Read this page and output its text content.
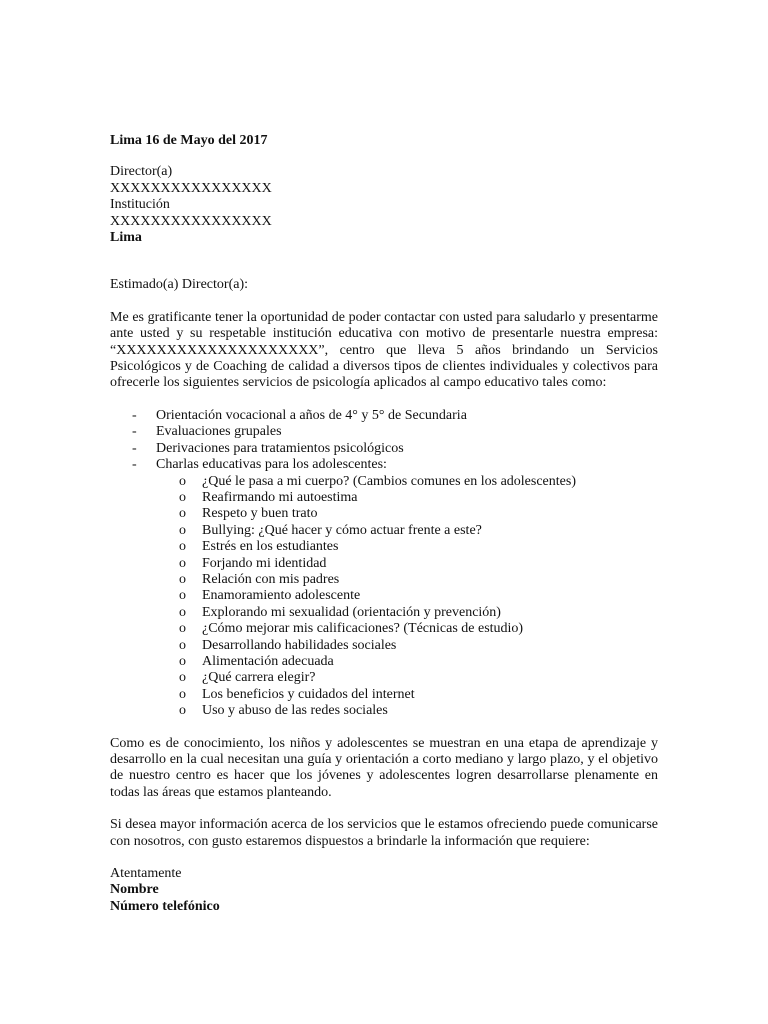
Lima 16 de Mayo del 2017
Director(a)
XXXXXXXXXXXXXXXX
Institución
XXXXXXXXXXXXXXXX
Lima
Estimado(a) Director(a):

Me es gratificante tener la oportunidad de poder contactar con usted para saludarlo y presentarme ante usted y su respetable institución educativa con motivo de presentarle nuestra empresa: “XXXXXXXXXXXXXXXXXXXX”, centro que lleva 5 años brindando un Servicios Psicológicos y de Coaching de calidad a diversos tipos de clientes individuales y colectivos para ofrecerle los siguientes servicios de psicología aplicados al campo educativo tales como:

- Orientación vocacional a años de 4° y 5° de Secundaria
- Evaluaciones grupales
- Derivaciones para tratamientos psicológicos
- Charlas educativas para los adolescentes:
o ¿Qué le pasa a mi cuerpo? (Cambios comunes en los adolescentes)
o Reafirmando mi autoestima
o Respeto y buen trato
o Bullying: ¿Qué hacer y cómo actuar frente a este?
o Estrés en los estudiantes
o Forjando mi identidad
o Relación con mis padres
o Enamoramiento adolescente
o Explorando mi sexualidad (orientación y prevención)
o ¿Cómo mejorar mis calificaciones? (Técnicas de estudio)
o Desarrollando habilidades sociales
o Alimentación adecuada
o ¿Qué carrera elegir?
o Los beneficios y cuidados del internet
o Uso y abuso de las redes sociales

Como es de conocimiento, los niños y adolescentes se muestran en una etapa de aprendizaje y desarrollo en la cual necesitan una guía y orientación a corto mediano y largo plazo, y el objetivo de nuestro centro es hacer que los jóvenes y adolescentes logren desarrollarse plenamente en todas las áreas que estamos planteando.

Si desea mayor información acerca de los servicios que le estamos ofreciendo puede comunicarse con nosotros, con gusto estaremos dispuestos a brindarle la información que requiere:

Atentamente
Nombre
Número telefónico
